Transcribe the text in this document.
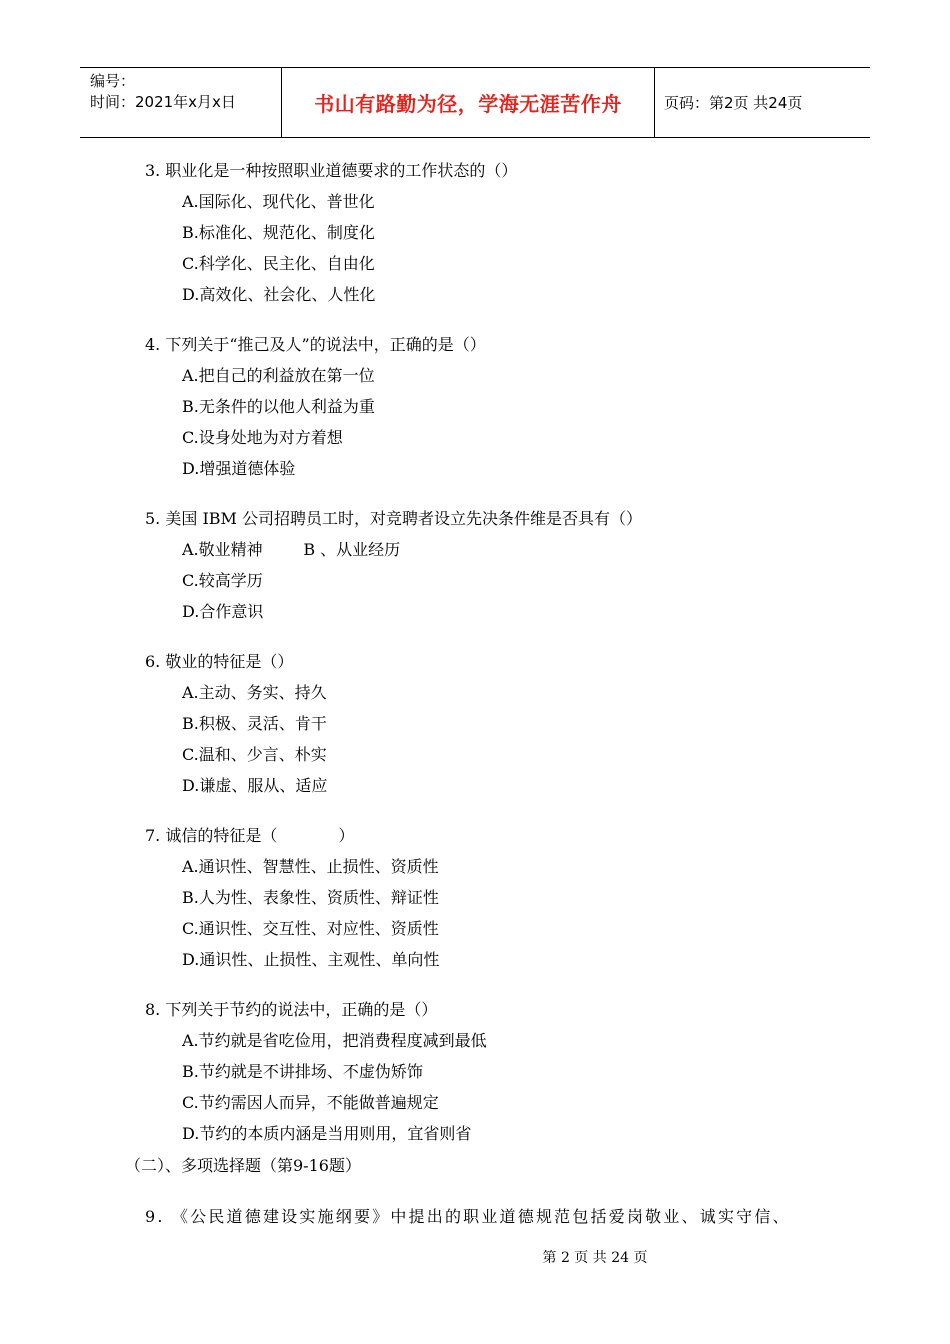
编号：
时间：2021年x月x日	书山有路勤为径，学海无涯苦作舟	页码：第2页 共24页
3. 职业化是一种按照职业道德要求的工作状态的（）
A.国际化、现代化、普世化
B.标准化、规范化、制度化
C.科学化、民主化、自由化
D.高效化、社会化、人性化
4. 下列关于“推己及人”的说法中，正确的是（）
A.把自己的利益放在第一位
B.无条件的以他人利益为重
C.设身处地为对方着想
D.增强道德体验
5. 美国 IBM 公司招聘员工时，对竞聘者设立先决条件维是否具有（）
A.敬业精神        B 、从业经历
C.较高学历
D.合作意识
6. 敬业的特征是（）
A.主动、务实、持久
B.积极、灵活、肯干
C.温和、少言、朴实
D.谦虚、服从、适应
7. 诚信的特征是（            ）
A.通识性、智慧性、止损性、资质性
B.人为性、表象性、资质性、辩证性
C.通识性、交互性、对应性、资质性
D.通识性、止损性、主观性、单向性
8. 下列关于节约的说法中，正确的是（）
A.节约就是省吃俭用，把消费程度减到最低
B.节约就是不讲排场、不虚伪矫饰
C.节约需因人而异，不能做普遍规定
D.节约的本质内涵是当用则用，宜省则省
（二）、多项选择题（第9-16题）
9. 《公民道德建设实施纲要》中提出的职业道德规范包括爱岗敬业、诚实守信、
第 2 页 共 24 页
